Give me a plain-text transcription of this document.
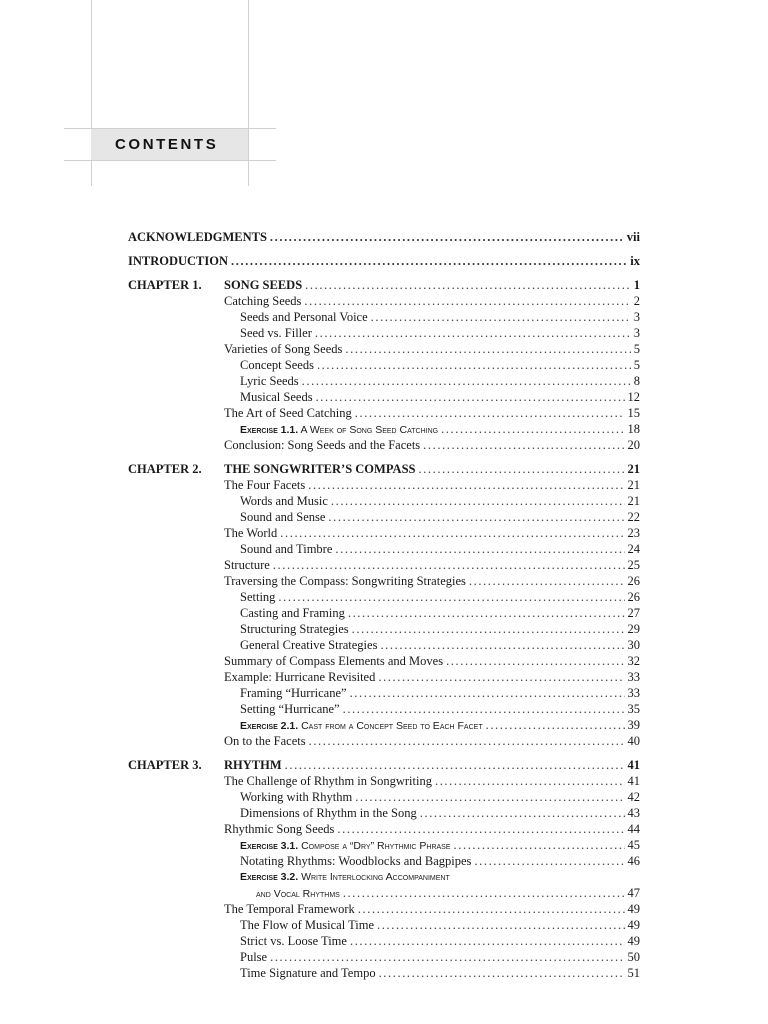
CONTENTS
ACKNOWLEDGMENTS .....	vii
INTRODUCTION .....	ix
CHAPTER 1.	SONG SEEDS .....	1
Catching Seeds .....	2
Seeds and Personal Voice .....	3
Seed vs. Filler .....	3
Varieties of Song Seeds .....	5
Concept Seeds .....	5
Lyric Seeds .....	8
Musical Seeds .....	12
The Art of Seed Catching .....	15
Exercise 1.1. A Week of Song Seed Catching .....	18
Conclusion: Song Seeds and the Facets .....	20
CHAPTER 2.	THE SONGWRITER’S COMPASS .....	21
The Four Facets .....	21
Words and Music .....	21
Sound and Sense .....	22
The World .....	23
Sound and Timbre .....	24
Structure .....	25
Traversing the Compass: Songwriting Strategies .....	26
Setting .....	26
Casting and Framing .....	27
Structuring Strategies .....	29
General Creative Strategies .....	30
Summary of Compass Elements and Moves .....	32
Example: Hurricane Revisited .....	33
Framing “Hurricane” .....	33
Setting “Hurricane” .....	35
Exercise 2.1. Cast from a Concept Seed to Each Facet .....	39
On to the Facets .....	40
CHAPTER 3.	RHYTHM .....	41
The Challenge of Rhythm in Songwriting .....	41
Working with Rhythm .....	42
Dimensions of Rhythm in the Song .....	43
Rhythmic Song Seeds .....	44
Exercise 3.1. Compose a “Dry” Rhythmic Phrase .....	45
Notating Rhythms: Woodblocks and Bagpipes .....	46
Exercise 3.2. Write Interlocking Accompaniment
and Vocal Rhythms .....	47
The Temporal Framework .....	49
The Flow of Musical Time .....	49
Strict vs. Loose Time .....	49
Pulse .....	50
Time Signature and Tempo .....	51
